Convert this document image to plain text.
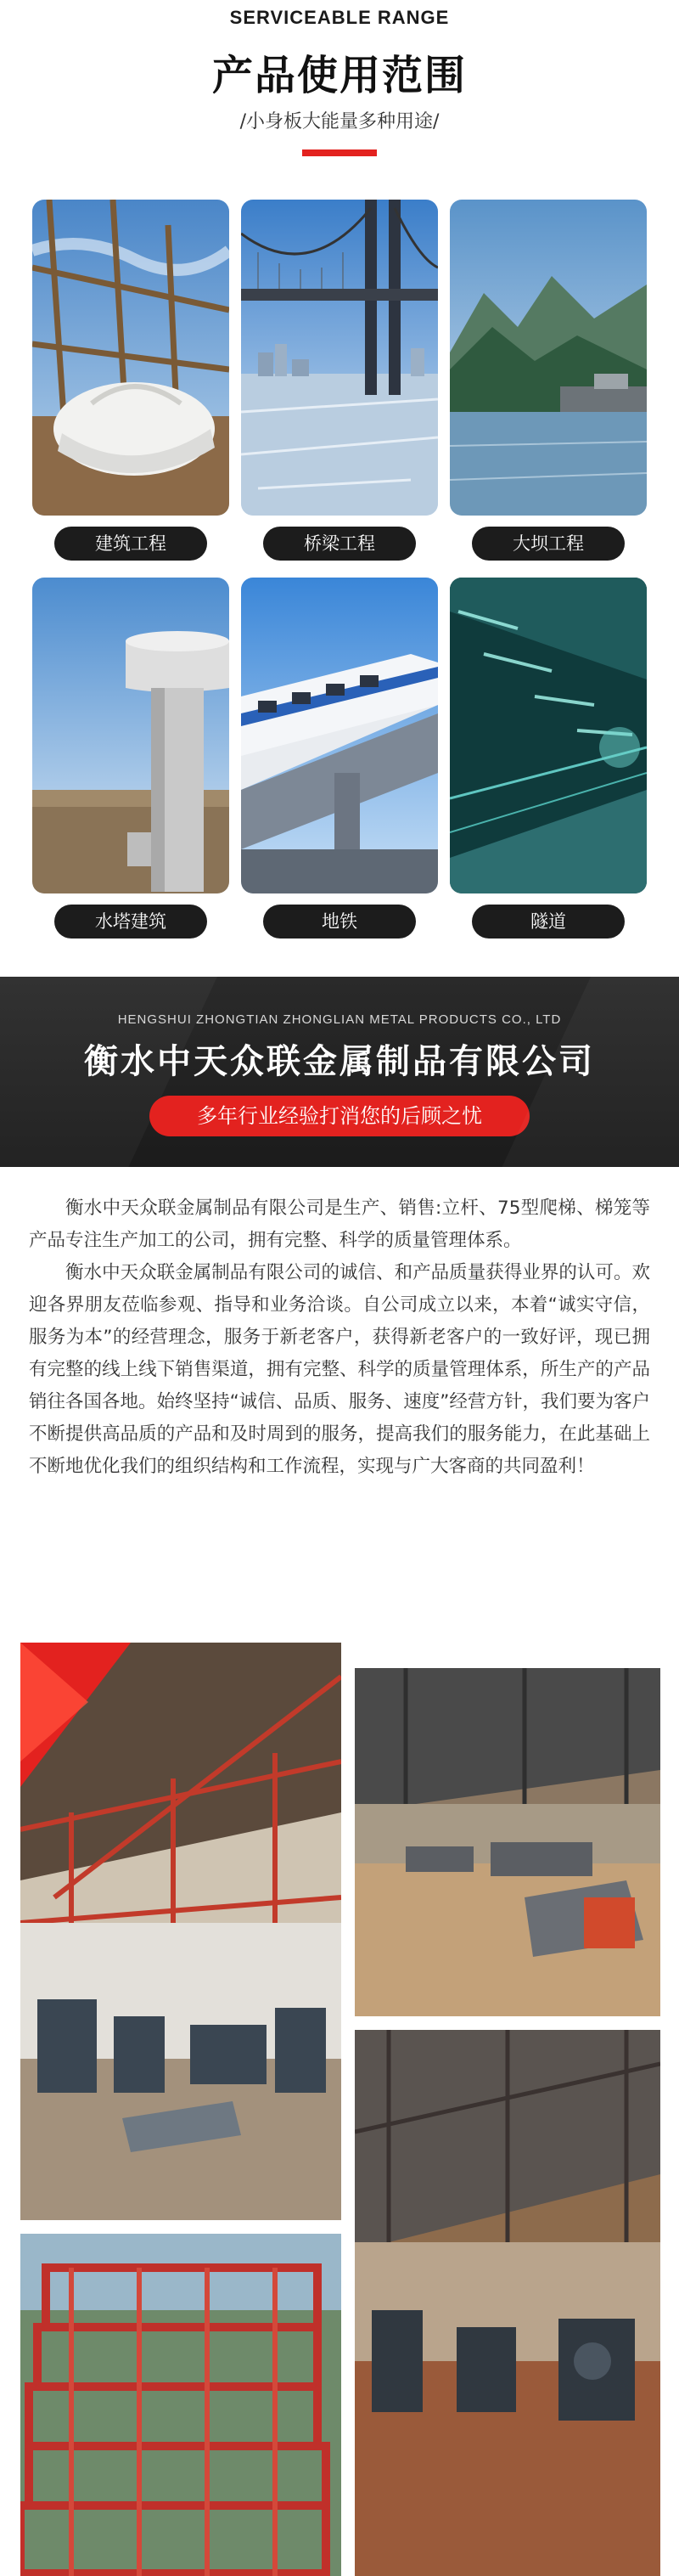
SERVICEABLE RANGE
产品使用范围
/小身板大能量多种用途/
建筑工程	桥梁工程	大坝工程
水塔建筑	地铁	隧道
HENGSHUI ZHONGTIAN ZHONGLIAN METAL PRODUCTS CO., LTD
衡水中天众联金属制品有限公司
多年行业经验打消您的后顾之忧

衡水中天众联金属制品有限公司是生产、销售:立杆、75型爬梯、梯笼等产品专注生产加工的公司，拥有完整、科学的质量管理体系。

衡水中天众联金属制品有限公司的诚信、和产品质量获得业界的认可。欢迎各界朋友莅临参观、指导和业务洽谈。自公司成立以来，本着“诚实守信，服务为本”的经营理念，服务于新老客户，获得新老客户的一致好评，现已拥有完整的线上线下销售渠道，拥有完整、科学的质量管理体系，所生产的产品销往各国各地。始终坚持“诚信、品质、服务、速度”经营方针，我们要为客户不断提供高品质的产品和及时周到的服务，提高我们的服务能力，在此基础上不断地优化我们的组织结构和工作流程，实现与广大客商的共同盈利！
